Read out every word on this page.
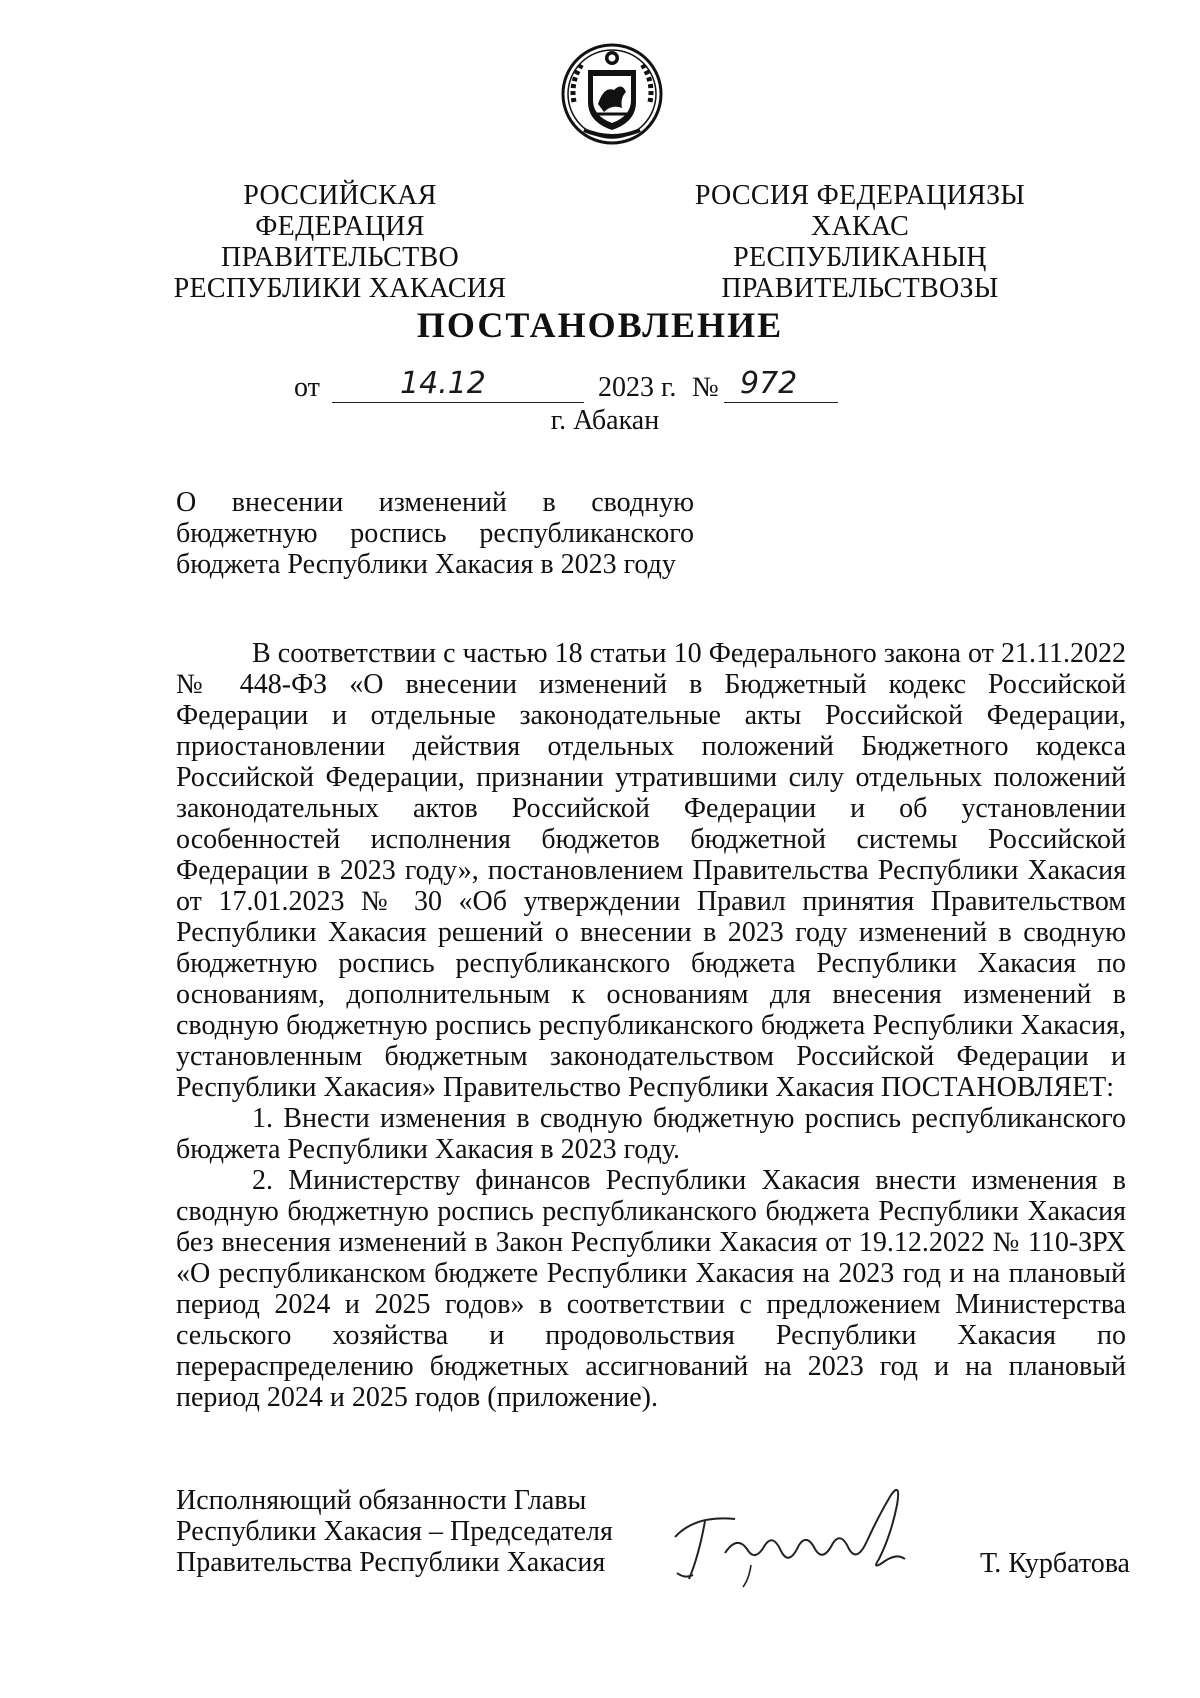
РОССИЙСКАЯ ФЕДЕРАЦИЯ
ПРАВИТЕЛЬСТВО
РЕСПУБЛИКИ ХАКАСИЯ
РОССИЯ ФЕДЕРАЦИЯЗЫ
ХАКАС РЕСПУБЛИКАНЫҢ
ПРАВИТЕЛЬСТВОЗЫ
ПОСТАНОВЛЕНИЕ
от	14.12	2023 г. № 972
г. Абакан
О внесении изменений в сводную
бюджетную роспись республиканского
бюджета Республики Хакасия в 2023 году

В соответствии с частью 18 статьи 10 Федерального закона от 21.11.2022 № 448-ФЗ «О внесении изменений в Бюджетный кодекс Российской Федерации и отдельные законодательные акты Российской Федерации, приостановлении действия отдельных положений Бюджетного кодекса Российской Федерации, признании утратившими силу отдельных положений законодательных актов Российской Федерации и об установлении особенностей исполнения бюджетов бюджетной системы Российской Федерации в 2023 году», постановлением Правительства Республики Хакасия от 17.01.2023 № 30 «Об утверждении Правил принятия Правительством Республики Хакасия решений о внесении в 2023 году изменений в сводную бюджетную роспись республиканского бюджета Республики Хакасия по основаниям, дополнительным к основаниям для внесения изменений в сводную бюджетную роспись республиканского бюджета Республики Хакасия, установленным бюджетным законодательством Российской Федерации и Республики Хакасия» Правительство Республики Хакасия ПОСТАНОВЛЯЕТ:

1. Внести изменения в сводную бюджетную роспись республиканского бюджета Республики Хакасия в 2023 году.

2. Министерству финансов Республики Хакасия внести изменения в сводную бюджетную роспись республиканского бюджета Республики Хакасия без внесения изменений в Закон Республики Хакасия от 19.12.2022 № 110-ЗРХ «О республиканском бюджете Республики Хакасия на 2023 год и на плановый период 2024 и 2025 годов» в соответствии с предложением Министерства сельского хозяйства и продовольствия Республики Хакасия по перераспределению бюджетных ассигнований на 2023 год и на плановый период 2024 и 2025 годов (приложение).

Исполняющий обязанности Главы
Республики Хакасия – Председателя
Правительства Республики Хакасия	Т. Курбатова
